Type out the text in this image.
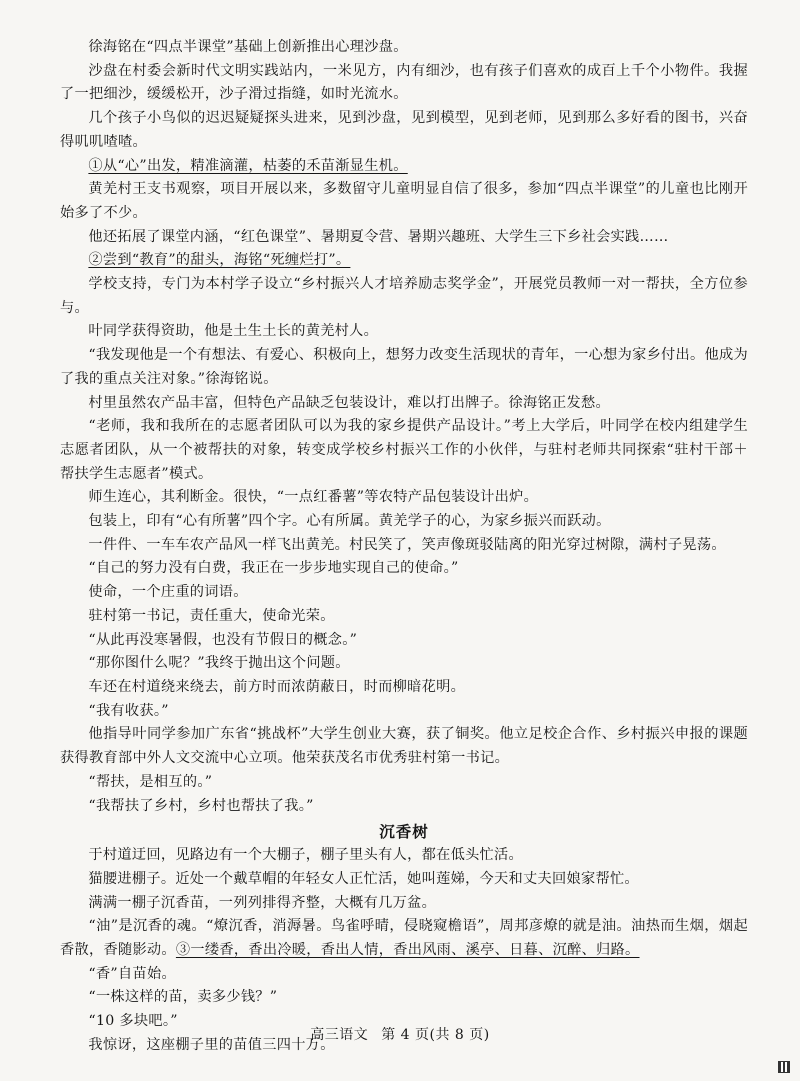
徐海铭在“四点半课堂”基础上创新推出心理沙盘。

沙盘在村委会新时代文明实践站内，一米见方，内有细沙，也有孩子们喜欢的成百上千个小物件。我握了一把细沙，缓缓松开，沙子滑过指缝，如时光流水。

几个孩子小鸟似的迟迟疑疑探头进来，见到沙盘，见到模型，见到老师，见到那么多好看的图书，兴奋得叽叽喳喳。

①从“心”出发，精准滴灌，枯萎的禾苗渐显生机。

黄羌村王支书观察，项目开展以来，多数留守儿童明显自信了很多，参加“四点半课堂”的儿童也比刚开始多了不少。

他还拓展了课堂内涵，“红色课堂”、暑期夏令营、暑期兴趣班、大学生三下乡社会实践……

②尝到“教育”的甜头，海铭“死缠烂打”。

学校支持，专门为本村学子设立“乡村振兴人才培养励志奖学金”，开展党员教师一对一帮扶，全方位参与。

叶同学获得资助，他是土生土长的黄羌村人。

“我发现他是一个有想法、有爱心、积极向上，想努力改变生活现状的青年，一心想为家乡付出。他成为了我的重点关注对象。”徐海铭说。

村里虽然农产品丰富，但特色产品缺乏包装设计，难以打出牌子。徐海铭正发愁。

“老师，我和我所在的志愿者团队可以为我的家乡提供产品设计。”考上大学后，叶同学在校内组建学生志愿者团队，从一个被帮扶的对象，转变成学校乡村振兴工作的小伙伴，与驻村老师共同探索“驻村干部＋帮扶学生志愿者”模式。

师生连心，其利断金。很快，“一点红番薯”等农特产品包装设计出炉。

包装上，印有“心有所薯”四个字。心有所属。黄羌学子的心，为家乡振兴而跃动。

一件件、一车车农产品风一样飞出黄羌。村民笑了，笑声像斑驳陆离的阳光穿过树隙，满村子晃荡。

“自己的努力没有白费，我正在一步步地实现自己的使命。”

使命，一个庄重的词语。

驻村第一书记，责任重大，使命光荣。

“从此再没寒暑假，也没有节假日的概念。”

“那你图什么呢？”我终于抛出这个问题。

车还在村道绕来绕去，前方时而浓荫蔽日，时而柳暗花明。

“我有收获。”

他指导叶同学参加广东省“挑战杯”大学生创业大赛，获了铜奖。他立足校企合作、乡村振兴申报的课题获得教育部中外人文交流中心立项。他荣获茂名市优秀驻村第一书记。

“帮扶，是相互的。”

“我帮扶了乡村，乡村也帮扶了我。”

沉香树

于村道迂回，见路边有一个大棚子，棚子里头有人，都在低头忙活。

猫腰进棚子。近处一个戴草帽的年轻女人正忙活，她叫莲娣，今天和丈夫回娘家帮忙。

满满一棚子沉香苗，一列列排得齐整，大概有几万盆。

“油”是沉香的魂。“燎沉香，消溽暑。鸟雀呼晴，侵晓窥檐语”，周邦彦燎的就是油。油热而生烟，烟起香散，香随影动。③一缕香，香出冷暖，香出人情，香出风雨、溪亭、日暮、沉醉、归路。

“香”自苗始。

“一株这样的苗，卖多少钱？”

“10 多块吧。”

我惊讶，这座棚子里的苗值三四十万。

高三语文 第 4 页(共 8 页)
